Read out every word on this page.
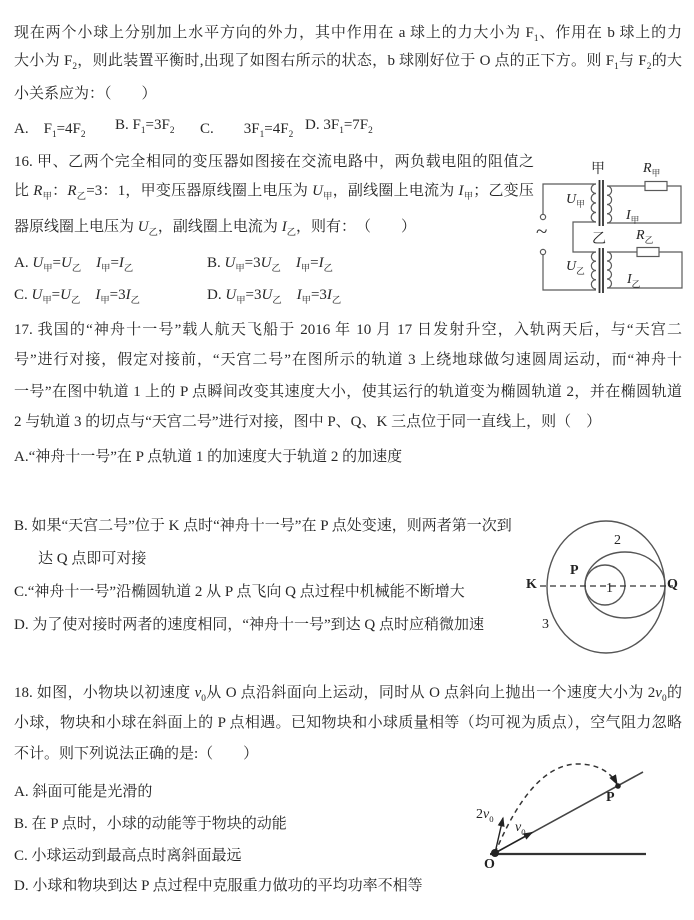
现在两个小球上分别加上水平方向的外力，其中作用在 a 球上的力大小为 $F_1$、作用在 b 球上的力
大小为 $F_2$，则此装置平衡时,出现了如图右所示的状态，b 球刚好位于 O 点的正下方。则 $F_1$与 $F_2$的大
小关系应为：（　　）
A.　$F_1=4F_2$
B. $F_1=3F_2$ C.　　$3F_1=4F_2$
D. $3F_1=7F_2$
16. 甲、乙两个完全相同的变压器如图接在交流电路中，两负载电阻的阻值之
比 $R_甲$：$R_乙=3$：1，甲变压器原线圈上电压为 $U_甲$，副线圈上电流为 $I_甲$；乙变压
器原线圈上电压为 $U_乙$，副线圈上电流为 $I_乙$，则有：　（　　）
A. $U_甲=U_乙$　 $I_甲=I_乙$	B. $U_甲=3U_乙$　 $I_甲=I_乙$
C. $U_甲=U_乙$　 $I_甲=3I_乙$	D. $U_甲=3U_乙$　 $I_甲=3I_乙$
甲	$R_甲$
$U_甲$
$I_甲$
乙 $R_乙$
$U_乙$
$I_乙$
~
17. 我国的“神舟十一号”载人航天飞船于 2016 年 10 月 17 日发射升空，入轨两天后，与“天宫二
号”进行对接，假定对接前，“天宫二号”在图所示的轨道 3 上绕地球做匀速圆周运动，而“神舟十
一号”在图中轨道 1 上的 P 点瞬间改变其速度大小，使其运行的轨道变为椭圆轨道 2，并在椭圆轨道
2 与轨道 3 的切点与“天宫二号”进行对接，图中 P、Q、K 三点位于同一直线上，则（　）
A.“神舟十一号”在 P 点轨道 1 的加速度大于轨道 2 的加速度
B. 如果“天宫二号”位于 K 点时“神舟十一号”在 P 点处变速，则两者第一次到
达 Q 点即可对接
C.“神舟十一号”沿椭圆轨道 2 从 P 点飞向 Q 点过程中机械能不断增大
D. 为了使对接时两者的速度相同，“神舟十一号”到达 Q 点时应稍微加速
K
P
Q
1
2
3
18. 如图，小物块以初速度 $v_0$从 O 点沿斜面向上运动，同时从 O 点斜向上抛出一个速度大小为 $2v_0$的
小球，物块和小球在斜面上的 P 点相遇。已知物块和小球质量相等（均可视为质点），空气阻力忽略
不计。则下列说法正确的是:（　　）
A. 斜面可能是光滑的
B. 在 P 点时，小球的动能等于物块的动能
C. 小球运动到最高点时离斜面最远
D. 小球和物块到达 P 点过程中克服重力做功的平均功率不相等
$2v_0$
$v_0$
O
P
